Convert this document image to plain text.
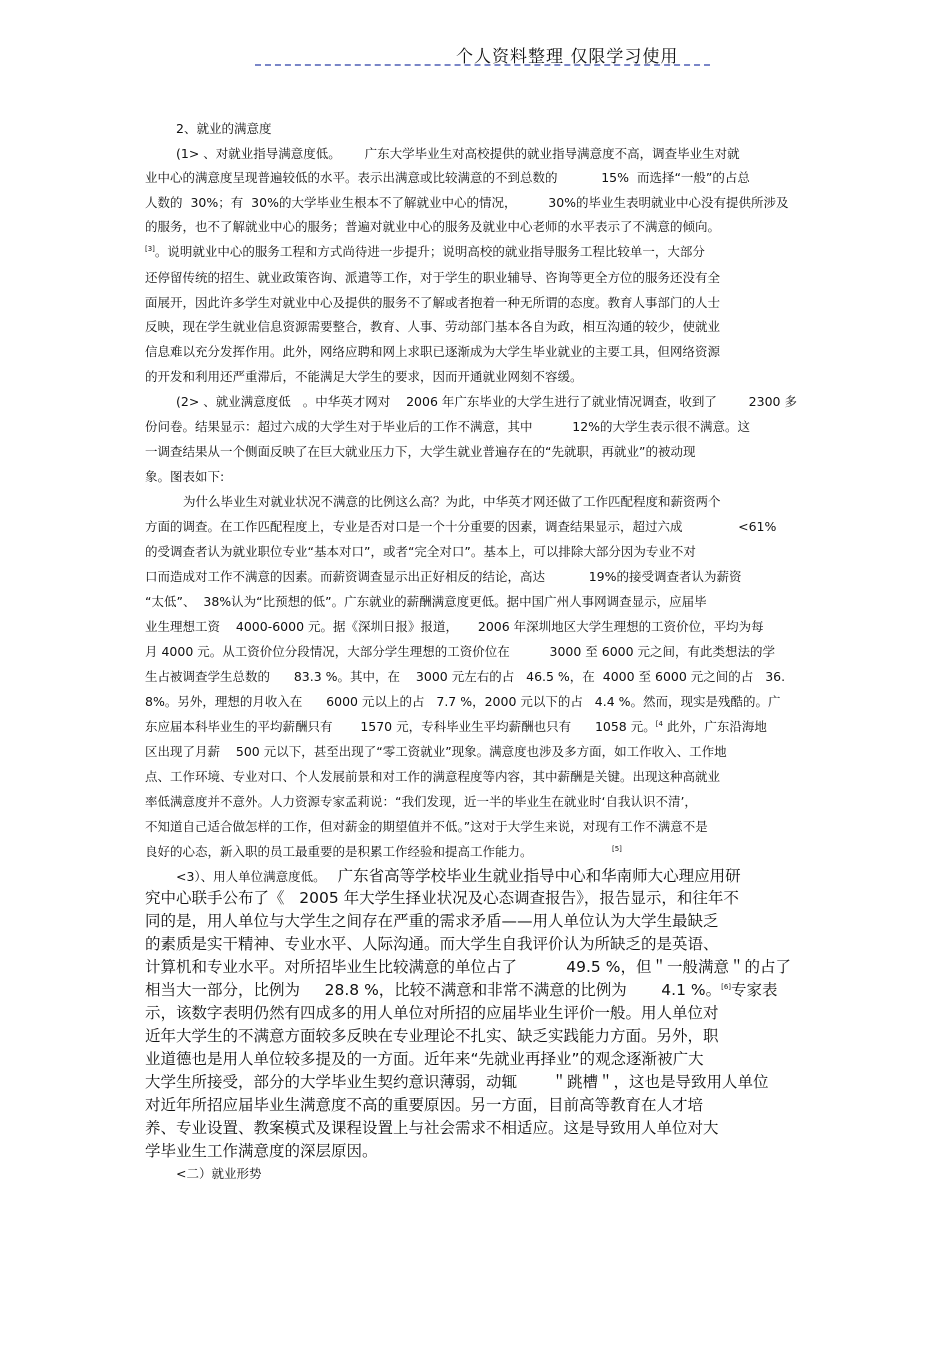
个人资料整理 仅限学习使用
2、就业的满意度
(1> 、对就业指导满意度低。      广东大学毕业生对高校提供的就业指导满意度不高，调查毕业生对就
业中心的满意度呈现普遍较低的水平。表示出满意或比较满意的不到总数的           15%  而选择“一般”的占总
人数的  30%；有  30%的大学毕业生根本不了解就业中心的情况，        30%的毕业生表明就业中心没有提供所涉及
的服务，也不了解就业中心的服务；普遍对就业中心的服务及就业中心老师的水平表示了不满意的倾向。
[3]。说明就业中心的服务工程和方式尚待进一步提升；说明高校的就业指导服务工程比较单一，大部分
还停留传统的招生、就业政策咨询、派遣等工作，对于学生的职业辅导、咨询等更全方位的服务还没有全
面展开，因此许多学生对就业中心及提供的服务不了解或者抱着一种无所谓的态度。教育人事部门的人士
反映，现在学生就业信息资源需要整合，教育、人事、劳动部门基本各自为政，相互沟通的较少，使就业
信息难以充分发挥作用。此外，网络应聘和网上求职已逐渐成为大学生毕业就业的主要工具，但网络资源
的开发和利用还严重滞后，不能满足大学生的要求，因而开通就业网刻不容缓。
(2> 、就业满意度低   。中华英才网对    2006 年广东毕业的大学生进行了就业情况调查，收到了        2300 多
份问卷。结果显示：超过六成的大学生对于毕业后的工作不满意，其中          12%的大学生表示很不满意。这
一调查结果从一个侧面反映了在巨大就业压力下，大学生就业普遍存在的“先就职，再就业”的被动现
象。图表如下:
为什么毕业生对就业状况不满意的比例这么高？为此，中华英才网还做了工作匹配程度和薪资两个
方面的调查。在工作匹配程度上，专业是否对口是一个十分重要的因素，调查结果显示，超过六成              <61%
的受调查者认为就业职位专业“基本对口”，或者“完全对口”。基本上，可以排除大部分因为专业不对
口而造成对工作不满意的因素。而薪资调查显示出正好相反的结论，高达           19%的接受调查者认为薪资
“太低”、  38%认为“比预想的低”。广东就业的薪酬满意度更低。据中国广州人事网调查显示，应届毕
业生理想工资    4000-6000 元。据《深圳日报》报道，     2006 年深圳地区大学生理想的工资价位，平均为每
月 4000 元。从工资价位分段情况，大部分学生理想的工资价位在          3000 至 6000 元之间，有此类想法的学
生占被调查学生总数的      83.3 %。其中，在    3000 元左右的占   46.5 %，在  4000 至 6000 元之间的占   36.
8%。另外，理想的月收入在      6000 元以上的占   7.7 %，2000 元以下的占   4.4 %。然而，现实是残酷的。广
东应届本科毕业生的平均薪酬只有       1570 元，专科毕业生平均薪酬也只有      1058 元。$^{[4}$ 此外，广东沿海地
区出现了月薪    500 元以下，甚至出现了“零工资就业”现象。满意度也涉及多方面，如工作收入、工作地
点、工作环境、专业对口、个人发展前景和对工作的满意程度等内容，其中薪酬是关键。出现这种高就业
率低满意度并不意外。人力资源专家孟莉说：“我们发现，近一半的毕业生在就业时‘自我认识不清’，
不知道自己适合做怎样的工作，但对薪金的期望值并不低。”这对于大学生来说，对现有工作不满意不是
良好的心态，新入职的员工最重要的是积累工作经验和提高工作能力。	[5]
<3）、用人单位满意度低。 广东省高等学校毕业生就业指导中心和华南师大心理应用研
究中心联手公布了《   2005 年大学生择业状况及心态调查报告》，报告显示，和往年不
同的是，用人单位与大学生之间存在严重的需求矛盾——用人单位认为大学生最缺乏
的素质是实干精神、专业水平、人际沟通。而大学生自我评价认为所缺乏的是英语、
计算机和专业水平。对所招毕业生比较满意的单位占了          49.5 %，但＂一般满意＂的占了
相当大一部分，比例为     28.8 %，比较不满意和非常不满意的比例为       4.1 %。[6]专家表
示，该数字表明仍然有四成多的用人单位对所招的应届毕业生评价一般。用人单位对
近年大学生的不满意方面较多反映在专业理论不扎实、缺乏实践能力方面。另外，职
业道德也是用人单位较多提及的一方面。近年来“先就业再择业”的观念逐渐被广大
大学生所接受，部分的大学毕业生契约意识薄弱，动辄       ＂跳槽＂，这也是导致用人单位
对近年所招应届毕业生满意度不高的重要原因。另一方面，目前高等教育在人才培
养、专业设置、教案模式及课程设置上与社会需求不相适应。这是导致用人单位对大
学毕业生工作满意度的深层原因。
<二）就业形势
